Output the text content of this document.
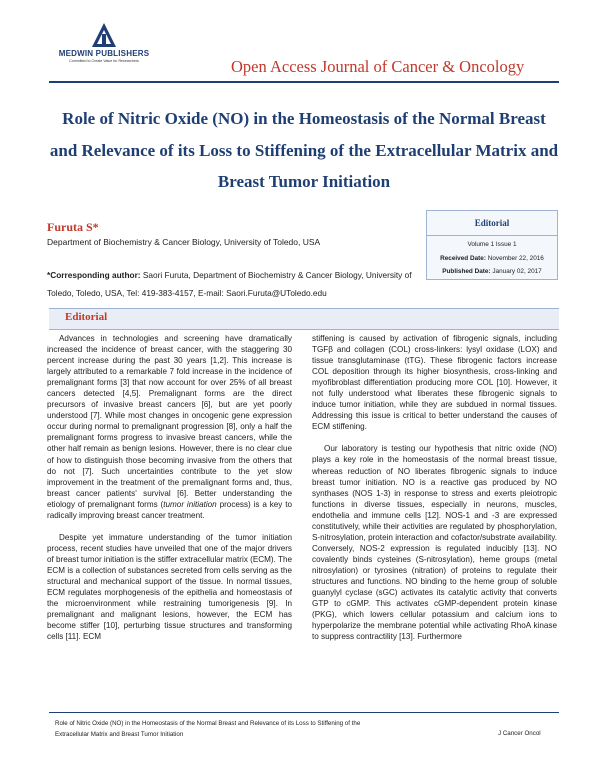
MEDWIN PUBLISHERS
Committed to Create Value for Researchers	Open Access Journal of Cancer & Oncology
Role of Nitric Oxide (NO) in the Homeostasis of the Normal Breast and Relevance of its Loss to Stiffening of the Extracellular Matrix and Breast Tumor Initiation
Furuta S*
Department of Biochemistry & Cancer Biology, University of Toledo, USA
*Corresponding author: Saori Furuta, Department of Biochemistry & Cancer Biology, University of Toledo, Toledo, USA, Tel: 419-383-4157, E-mail: Saori.Furuta@UToledo.edu
Editorial
Volume 1 Issue 1
Received Date: November 22, 2016
Published Date: January 02, 2017
Editorial

Advances in technologies and screening have dramatically increased the incidence of breast cancer, with the staggering 30 percent increase during the past 30 years [1,2]. This increase is largely attributed to a remarkable 7 fold increase in the incidence of premalignant forms [3] that now account for over 25% of all breast cancers detected [4,5]. Premalignant forms are the direct precursors of invasive breast cancers [6], but are yet poorly understood [7]. While most changes in oncogenic gene expression occur during normal to premalignant progression [8], only a half the premalignant forms progress to invasive breast cancers, while the other half remain as benign lesions. However, there is no clear clue of how to distinguish those becoming invasive from the others that do not [7]. Such uncertainties contribute to the yet slow improvement in the treatment of the premalignant forms and, thus, breast cancer patients' survival [6]. Better understanding the etiology of premalignant forms (tumor initiation process) is a key to radically improving breast cancer treatment.

Despite yet immature understanding of the tumor initiation process, recent studies have unveiled that one of the major drivers of breast tumor initiation is the stiffer extracellular matrix (ECM). The ECM is a collection of substances secreted from cells serving as the structural and mechanical support of the tissue. In normal tissues, ECM regulates morphogenesis of the epithelia and homeostasis of the microenvironment while restraining tumorigenesis [9]. In premalignant and malignant lesions, however, the ECM has become stiffer [10], perturbing tissue structures and transforming cells [11]. ECM

stiffening is caused by activation of fibrogenic signals, including TGFβ and collagen (COL) cross-linkers: lysyl oxidase (LOX) and tissue transglutaminase (tTG). These fibrogenic factors increase COL deposition through its higher biosynthesis, cross-linking and myofibroblast differentiation producing more COL [10]. However, it not fully understood what liberates these fibrogenic signals to induce tumor initiation, while they are subdued in normal tissues. Addressing this issue is critical to better understand the causes of ECM stiffening.

Our laboratory is testing our hypothesis that nitric oxide (NO) plays a key role in the homeostasis of the normal breast tissue, whereas reduction of NO liberates fibrogenic signals to induce breast tumor initiation. NO is a reactive gas produced by NO synthases (NOS 1-3) in response to stress and exerts pleiotropic functions in diverse tissues, especially in neurons, muscles, endothelia and immune cells [12]. NOS-1 and -3 are expressed constitutively, while their activities are regulated by phosphorylation, S-nitrosylation, protein interaction and cofactor/substrate availability. Conversely, NOS-2 expression is regulated inducibly [13]. NO covalently binds cysteines (S-nitrosylation), heme groups (metal nitrosylation) or tyrosines (nitration) of proteins to regulate their structures and functions. NO binding to the heme group of soluble guanylyl cyclase (sGC) activates its catalytic activity that converts GTP to cGMP. This activates cGMP-dependent protein kinase (PKG), which lowers cellular potassium and calcium ions to hyperpolarize the membrane potential while activating RhoA kinase to suppress contractility [13]. Furthermore

Role of Nitric Oxide (NO) in the Homeostasis of the Normal Breast and Relevance of its Loss to Stiffening of the Extracellular Matrix and Breast Tumor Initiation	J Cancer Oncol
